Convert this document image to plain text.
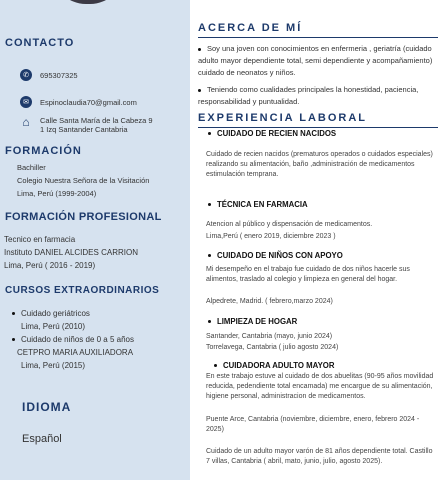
CONTACTO
✆	695307325
✉	Espinoclaudia70@gmail.com
⌂	Calle Santa María de la Cabeza 9
1 Izq Santander Cantabria
FORMACIÓN
Bachiller
Colegio Nuestra Señora de la Visitación
Lima, Perú (1999-2004)
FORMACIÓN PROFESIONAL
Tecnico en farmacia
Instituto DANIEL ALCIDES CARRION
Lima, Perú ( 2016 - 2019)
CURSOS EXTRAORDINARIOS
Cuidado geriátricos
Lima, Perú (2010)
Cuidado de niños de 0 a 5 años
CETPRO MARIA AUXILIADORA
Lima, Perú (2015)
IDIOMA
Español
ACERCA DE MÍ
Soy una joven con conocimientos en enfermeria , geriatría (cuidado adulto mayor dependiente total, semi dependiente y acompañamiento) cuidado de neonatos y niños.
Teniendo como cualidades principales la honestidad, paciencia, responsabilidad y puntualidad.
EXPERIENCIA LABORAL
CUIDADO DE RECIEN NACIDOS
Cuidado de recien nacidos (prematuros operados o cuidados especiales) realizando su alimentación, baño ,administración de medicamentos estimulación temprana.
TÉCNICA EN FARMACIA
Atencion al público y dispensación de medicamentos.
Lima,Perú ( enero 2019, diciembre 2023 )
CUIDADO DE NIÑOS CON APOYO
Mi desempeño en el trabajo fue cuidado de dos niños hacerle sus alimentos, traslado al colegio y limpieza en general del hogar.
Alpedrete, Madrid. ( febrero,marzo 2024)
LIMPIEZA DE HOGAR
Santander, Cantabria (mayo, junio 2024)
Torrelavega, Cantabria ( julio agosto 2024)
CUIDADORA ADULTO MAYOR
En este trabajo estuve al cuidado de dos abuelitas (90-95 años movilidad reducida, pedendiente total encamada) me encargue de su alimentación, higiene personal, administracion de medicamentos.
Puente Arce, Cantabria (noviembre, diciembre, enero, febrero 2024 - 2025)
Cuidado de un adulto mayor varón de 81 años dependiente total. Castillo 7 villas, Cantabria ( abril, mato, junio, julio, agosto 2025).
